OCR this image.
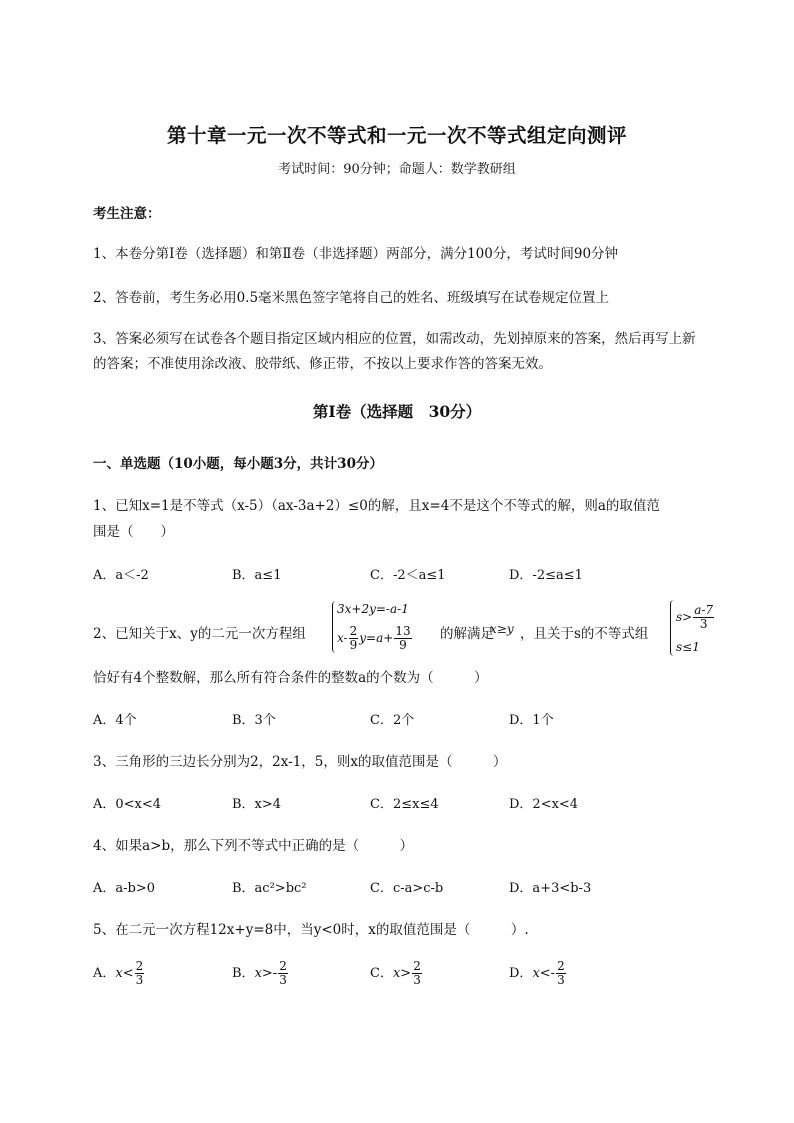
第十章一元一次不等式和一元一次不等式组定向测评
考试时间：90分钟；命题人：数学教研组
考生注意：
1、本卷分第I卷（选择题）和第Ⅱ卷（非选择题）两部分，满分100分，考试时间90分钟
2、答卷前，考生务必用0.5毫米黑色签字笔将自己的姓名、班级填写在试卷规定位置上
3、答案必须写在试卷各个题目指定区域内相应的位置，如需改动，先划掉原来的答案，然后再写上新
的答案；不准使用涂改液、胶带纸、修正带，不按以上要求作答的答案无效。
第I卷（选择题　30分）
一、单选题（10小题，每小题3分，共计30分）
1、已知x=1是不等式（x-5）（ax-3a+2）≤0的解，且x=4不是这个不等式的解，则a的取值范
围是（　　）
A．a＜-2	B．a≤1	C．-2＜a≤1	D．-2≤a≤1
2、已知关于x、y的二元一次方程组
3x+2y=-a-1
$x- \frac{2}{9} y=a+ \frac{13}{9}$ 的解满足
x≥y ，且关于s的不等式组
$s> \frac{a-7}{3}$
s≤1
恰好有4个整数解，那么所有符合条件的整数a的个数为（　　　）
A．4个	B．3个	C．2个	D．1个
3、三角形的三边长分别为2，2x-1，5，则x的取值范围是（　　　）
A．0<x<4	B．x>4	C．2≤x≤4	D．2<x<4
4、如果a>b，那么下列不等式中正确的是（　　　）
A．a-b>0	B．ac²>bc²	C．c-a>c-b	D．a+3<b-3
5、在二元一次方程12x+y=8中，当y<0时，x的取值范围是（　　　）.
A．$x< \frac{2}{3}$	B．$x>- \frac{2}{3}$	C．$x> \frac{2}{3}$	D．$x<- \frac{2}{3}$
